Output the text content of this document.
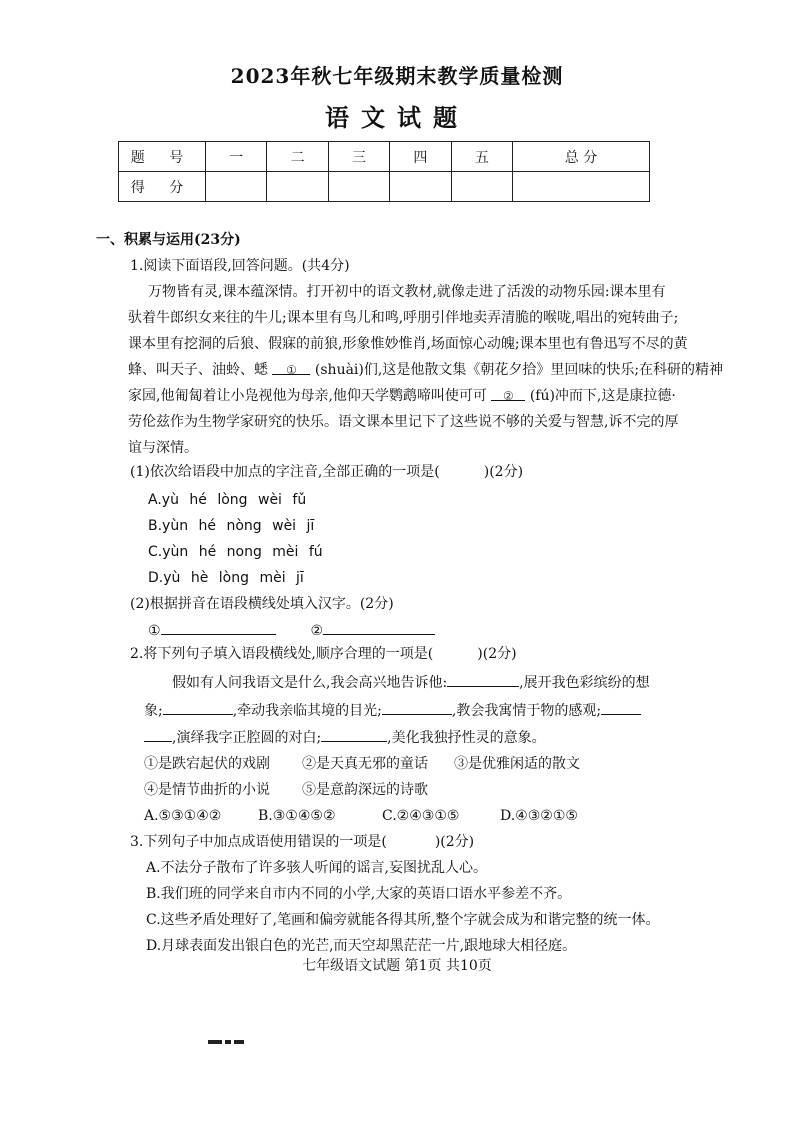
2023年秋七年级期末教学质量检测
语文试题
题 号	一	二	三	四	五	总 分
得 分						
一、积累与运用(23分)
1.阅读下面语段,回答问题。(共4分)
万物皆有灵,课本蕴深情。打开初中的语文教材,就像走进了活泼的动物乐园:课本里有
驮着牛郎织女来往的牛儿;课本里有鸟儿和鸣,呼朋引伴地卖弄清脆的喉咙,唱出的宛转曲子;
课本里有挖洞的后狼、假寐的前狼,形象惟妙惟肖,场面惊心动魄;课本里也有鲁迅写不尽的黄
蜂、叫天子、油蛉、蟋 ① (shuài)们,这是他散文集《朝花夕拾》里回味的快乐;在科研的精神
家园,他匍匐着让小凫视他为母亲,他仰天学鹦鹉啼叫使可可 ② (fú)冲而下,这是康拉德·
劳伦兹作为生物学家研究的快乐。语文课本里记下了这些说不够的关爱与智慧,诉不完的厚
谊与深情。
(1)依次给语段中加点的字注音,全部正确的一项是(	)(2分)
A.yù hé lòng wèi fǔ
B.yùn hé nòng wèi jī
C.yùn hé nong mèi fú
D.yù hè lòng mèi jī
(2)根据拼音在语段横线处填入汉字。(2分)
①	②
2.将下列句子填入语段横线处,顺序合理的一项是(	)(2分)
假如有人问我语文是什么,我会高兴地告诉他:	,展开我色彩缤纷的想
象;	,牵动我亲临其境的目光;	,教会我寓情于物的感观;
,演绎我字正腔圆的对白;	,美化我独抒性灵的意象。
①是跌宕起伏的戏剧 ②是天真无邪的童话 ③是优雅闲适的散文
④是情节曲折的小说 ⑤是意韵深远的诗歌
A.⑤③①④②	B.③①④⑤②	C.②④③①⑤	D.④③②①⑤
3.下列句子中加点成语使用错误的一项是(	)(2分)
A.不法分子散布了许多骇人听闻的谣言,妄图扰乱人心。
B.我们班的同学来自市内不同的小学,大家的英语口语水平参差不齐。
C.这些矛盾处理好了,笔画和偏旁就能各得其所,整个字就会成为和谐完整的统一体。
D.月球表面发出银白色的光芒,而天空却黑茫茫一片,跟地球大相径庭。
七年级语文试题 第1页 共10页
